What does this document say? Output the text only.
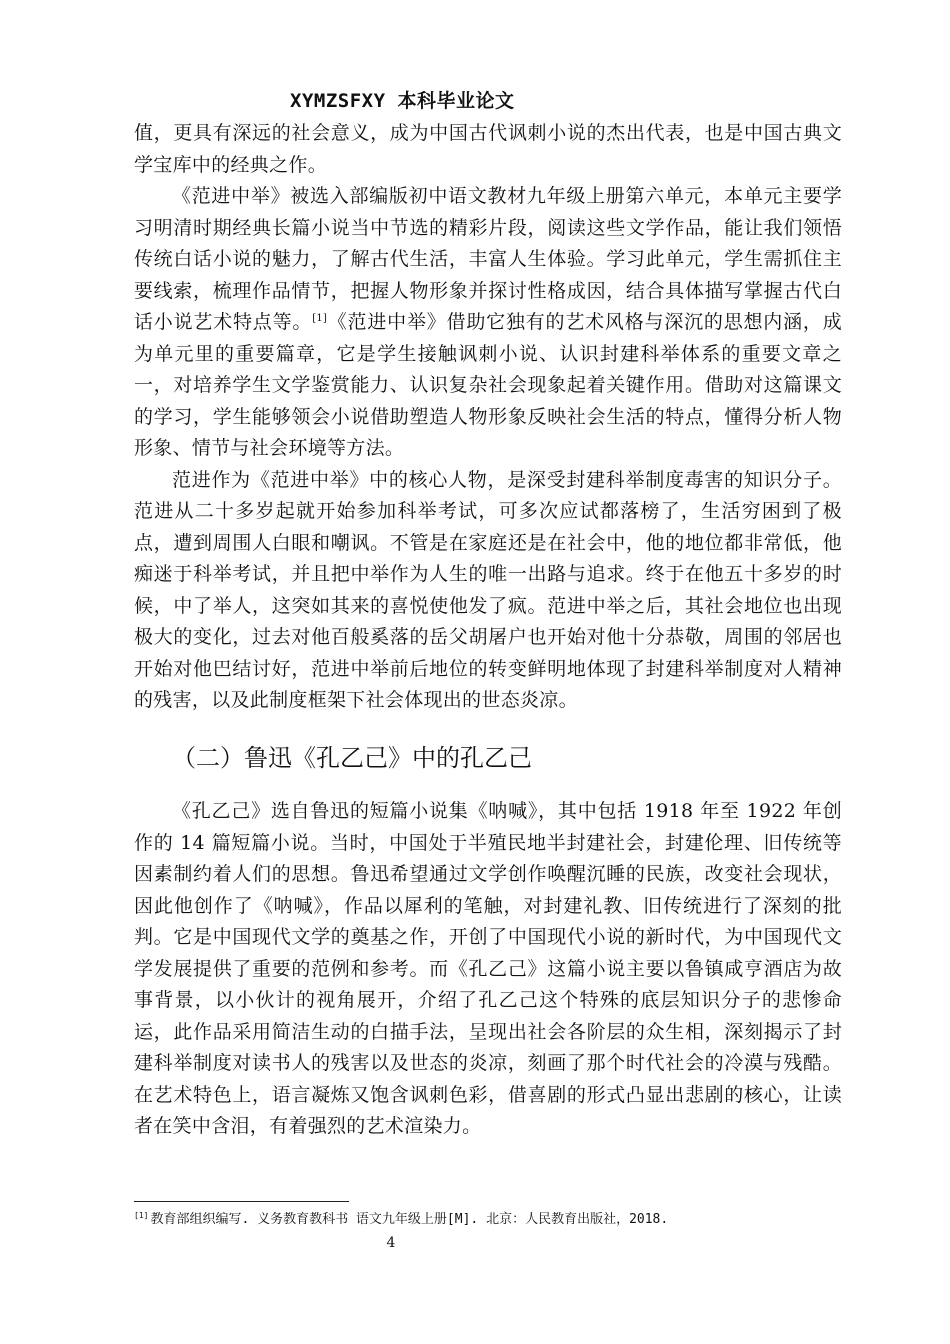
XYMZSFXY 本科毕业论文

值，更具有深远的社会意义，成为中国古代讽刺小说的杰出代表，也是中国古典文学宝库中的经典之作。

《范进中举》被选入部编版初中语文教材九年级上册第六单元，本单元主要学习明清时期经典长篇小说当中节选的精彩片段，阅读这些文学作品，能让我们领悟传统白话小说的魅力，了解古代生活，丰富人生体验。学习此单元，学生需抓住主要线索，梳理作品情节，把握人物形象并探讨性格成因，结合具体描写掌握古代白话小说艺术特点等。[1]《范进中举》借助它独有的艺术风格与深沉的思想内涵，成为单元里的重要篇章，它是学生接触讽刺小说、认识封建科举体系的重要文章之一，对培养学生文学鉴赏能力、认识复杂社会现象起着关键作用。借助对这篇课文的学习，学生能够领会小说借助塑造人物形象反映社会生活的特点，懂得分析人物形象、情节与社会环境等方法。

范进作为《范进中举》中的核心人物，是深受封建科举制度毒害的知识分子。范进从二十多岁起就开始参加科举考试，可多次应试都落榜了，生活穷困到了极点，遭到周围人白眼和嘲讽。不管是在家庭还是在社会中，他的地位都非常低，他痴迷于科举考试，并且把中举作为人生的唯一出路与追求。终于在他五十多岁的时候，中了举人，这突如其来的喜悦使他发了疯。范进中举之后，其社会地位也出现极大的变化，过去对他百般奚落的岳父胡屠户也开始对他十分恭敬，周围的邻居也开始对他巴结讨好，范进中举前后地位的转变鲜明地体现了封建科举制度对人精神的残害，以及此制度框架下社会体现出的世态炎凉。

（二）鲁迅《孔乙己》中的孔乙己

《孔乙己》选自鲁迅的短篇小说集《呐喊》，其中包括 1918 年至 1922 年创作的 14 篇短篇小说。当时，中国处于半殖民地半封建社会，封建伦理、旧传统等因素制约着人们的思想。鲁迅希望通过文学创作唤醒沉睡的民族，改变社会现状，因此他创作了《呐喊》，作品以犀利的笔触，对封建礼教、旧传统进行了深刻的批判。它是中国现代文学的奠基之作，开创了中国现代小说的新时代，为中国现代文学发展提供了重要的范例和参考。而《孔乙己》这篇小说主要以鲁镇咸亨酒店为故事背景，以小伙计的视角展开，介绍了孔乙己这个特殊的底层知识分子的悲惨命运，此作品采用简洁生动的白描手法，呈现出社会各阶层的众生相，深刻揭示了封建科举制度对读书人的残害以及世态的炎凉，刻画了那个时代社会的冷漠与残酷。在艺术特色上，语言凝炼又饱含讽刺色彩，借喜剧的形式凸显出悲剧的核心，让读者在笑中含泪，有着强烈的艺术渲染力。

[1] 教育部组织编写. 义务教育教科书 语文九年级上册[M]. 北京：人民教育出版社，2018.
4
